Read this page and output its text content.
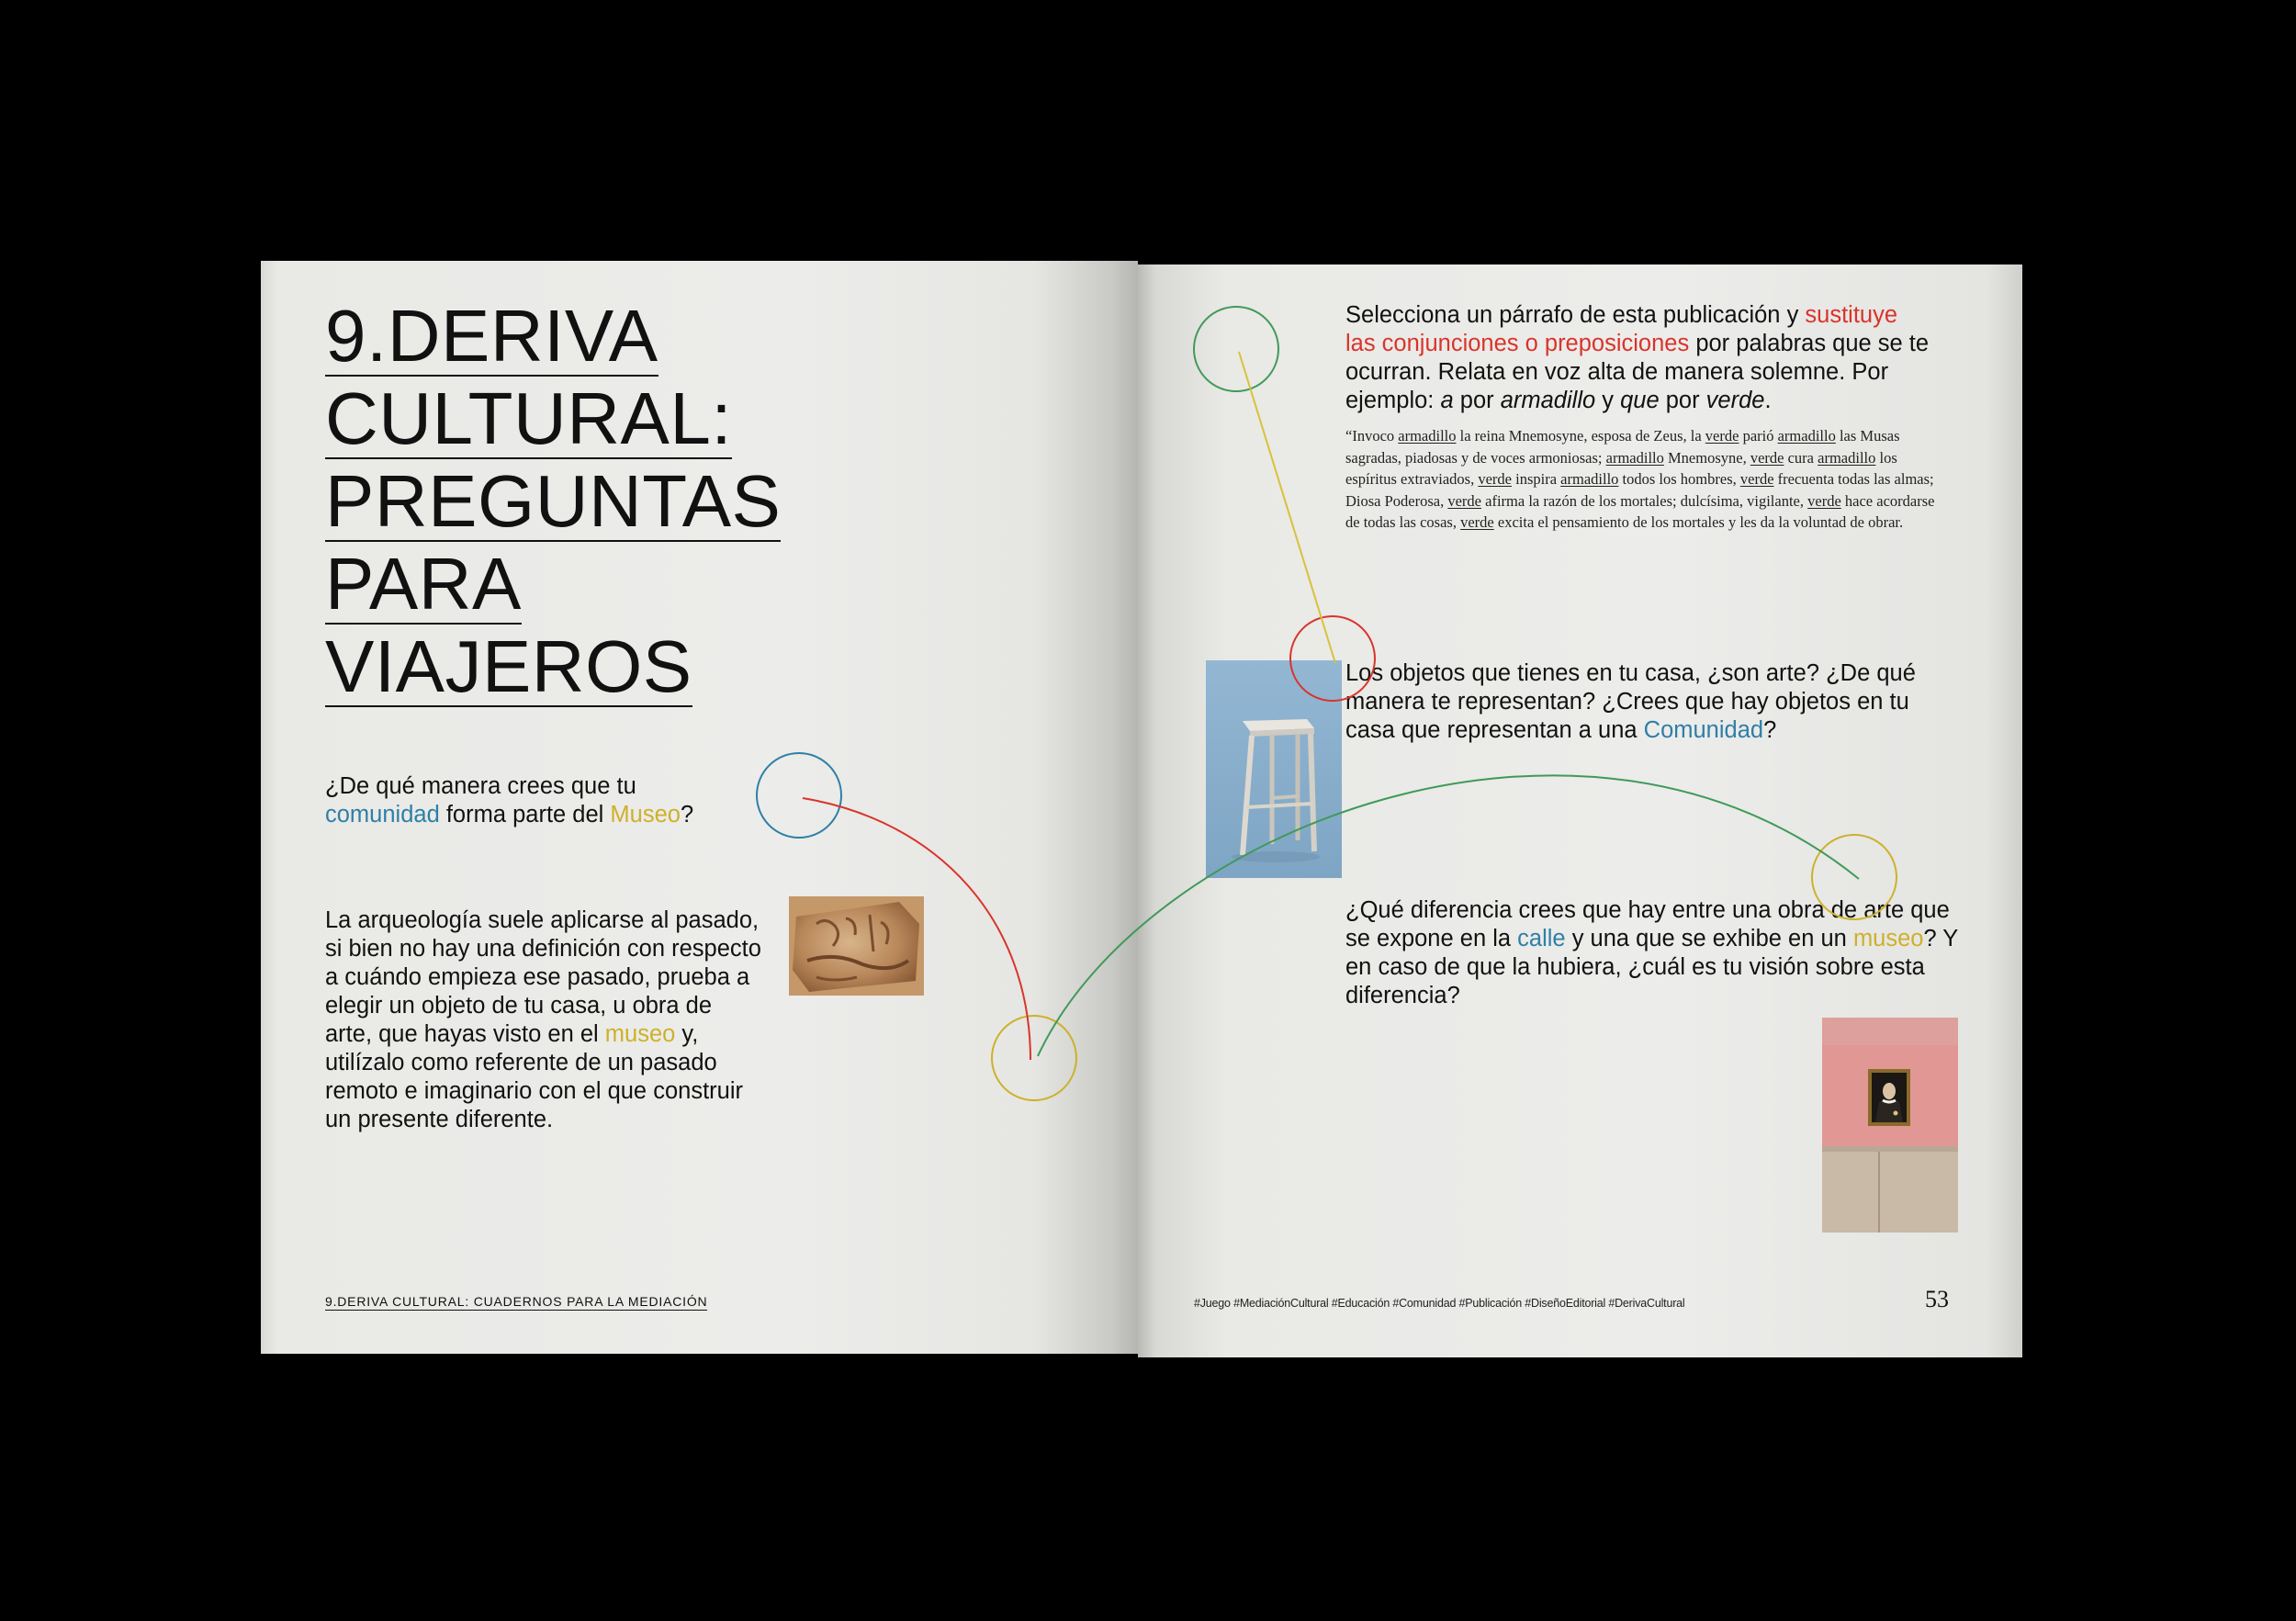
9.DERIVA
CULTURAL:
PREGUNTAS
PARA
VIAJEROS

¿De qué manera crees que tu
comunidad forma parte del Museo?

La arqueología suele aplicarse al pasado, si bien no hay una definición con respecto a cuándo empieza ese pasado, prueba a elegir un objeto de tu casa, u obra de arte, que hayas visto en el museo y, utilízalo como referente de un pasado remoto e imaginario con el que construir un presente diferente.

9.DERIVA CULTURAL: CUADERNOS PARA LA MEDIACIÓN

Selecciona un párrafo de esta publicación y sustituye las conjunciones o preposiciones por palabras que se te ocurran. Relata en voz alta de manera solemne. Por ejemplo: a por armadillo y que por verde.

“Invoco armadillo la reina Mnemosyne, esposa de Zeus, la verde parió armadillo las Musas sagradas, piadosas y de voces armoniosas; armadillo Mnemosyne, verde cura armadillo los espíritus extraviados, verde inspira armadillo todos los hombres, verde frecuenta todas las almas; Diosa Poderosa, verde afirma la razón de los mortales; dulcísima, vigilante, verde hace acordarse de todas las cosas, verde excita el pensamiento de los mortales y les da la voluntad de obrar.

Los objetos que tienes en tu casa, ¿son arte? ¿De qué manera te representan? ¿Crees que hay objetos en tu casa que representan a una Comunidad?

¿Qué diferencia crees que hay entre una obra de arte que se expone en la calle y una que se exhibe en un museo? Y en caso de que la hubiera, ¿cuál es tu visión sobre esta diferencia?

#Juego #MediaciónCultural #Educación #Comunidad #Publicación #DiseñoEditorial #DerivaCultural	53
